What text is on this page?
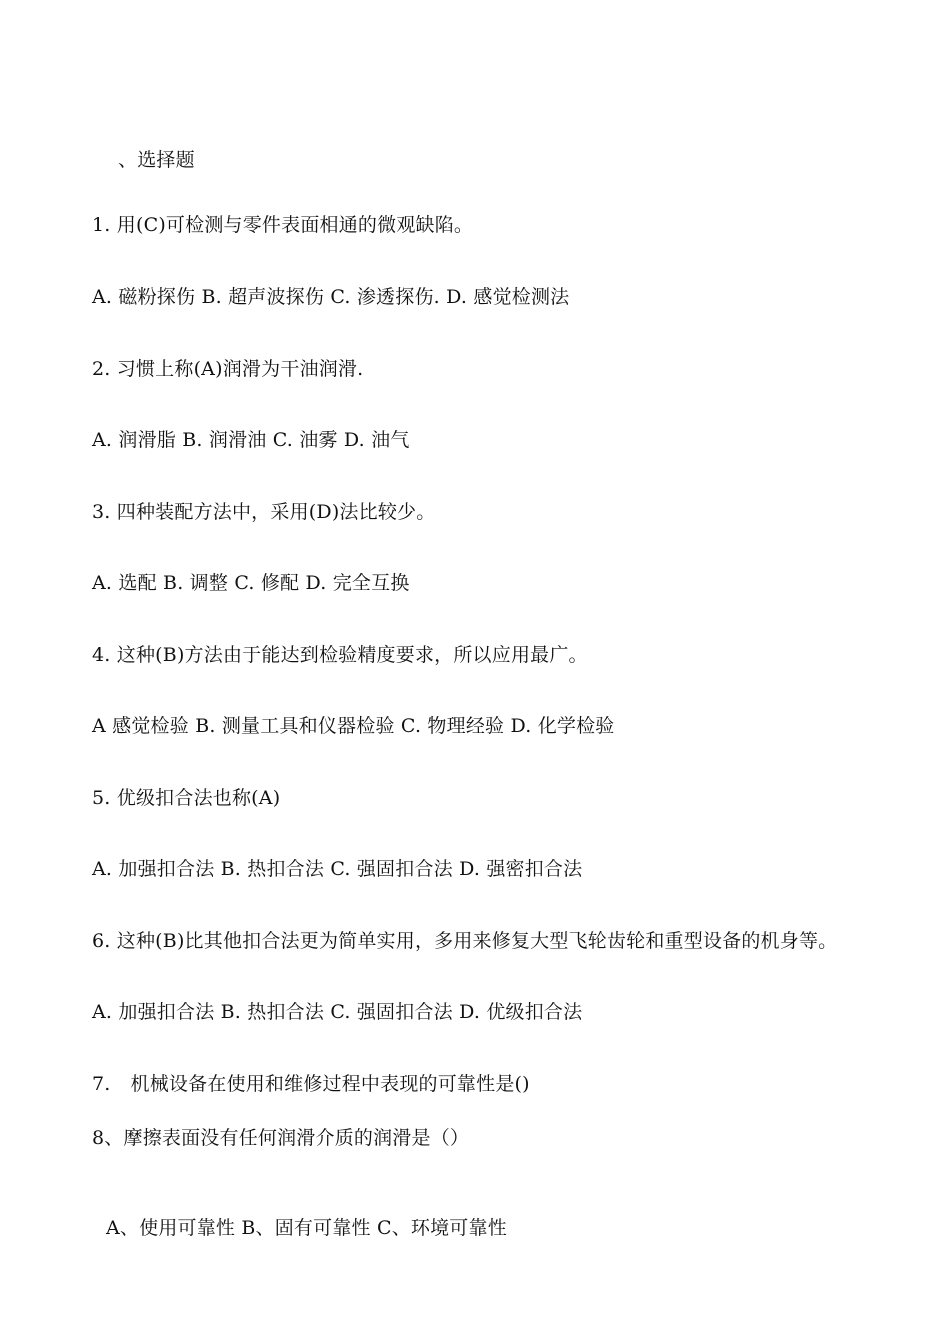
、选择题
1. 用(C)可检测与零件表面相通的微观缺陷。
A. 磁粉探伤 B. 超声波探伤 C. 渗透探伤. D. 感觉检测法
2. 习惯上称(A)润滑为干油润滑.
A. 润滑脂 B. 润滑油 C. 油雾 D. 油气
3. 四种装配方法中，采用(D)法比较少。
A. 选配 B. 调整 C. 修配 D. 完全互换
4. 这种(B)方法由于能达到检验精度要求，所以应用最广。
A 感觉检验 B. 测量工具和仪器检验 C. 物理经验 D. 化学检验
5. 优级扣合法也称(A)
A. 加强扣合法 B. 热扣合法 C. 强固扣合法 D. 强密扣合法
6. 这种(B)比其他扣合法更为简单实用，多用来修复大型飞轮齿轮和重型设备的机身等。
A. 加强扣合法 B. 热扣合法 C. 强固扣合法 D. 优级扣合法
7. 机械设备在使用和维修过程中表现的可靠性是()
8、摩擦表面没有任何润滑介质的润滑是（）
A、使用可靠性 B、固有可靠性 C、环境可靠性
